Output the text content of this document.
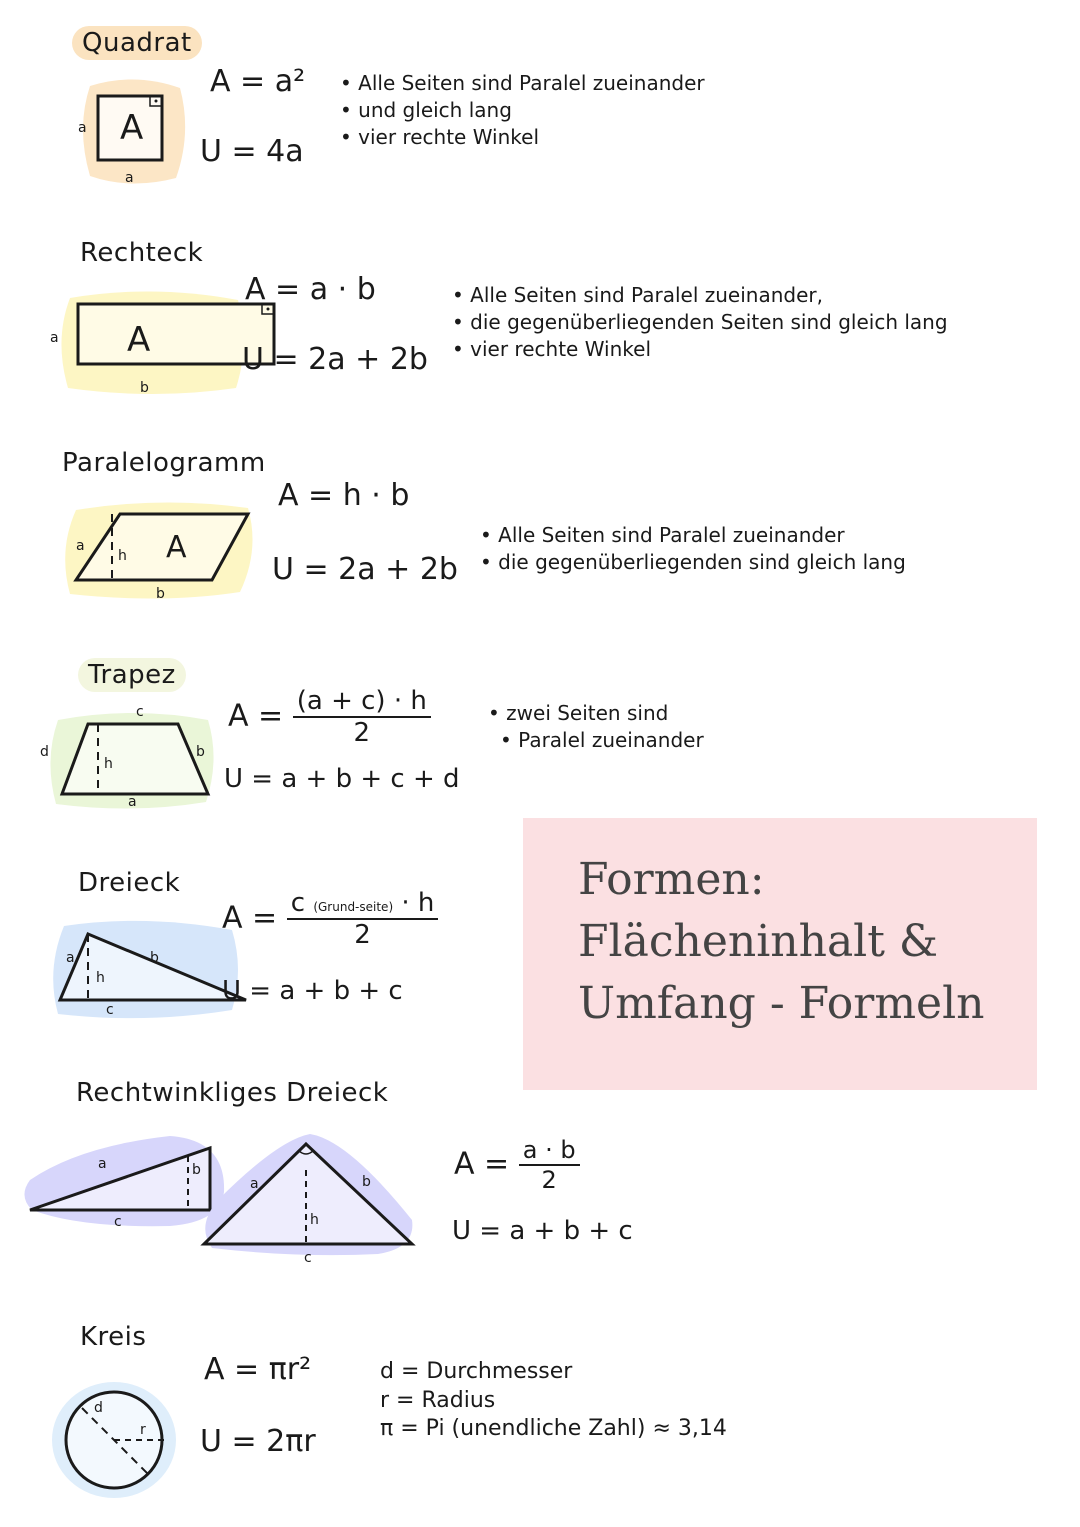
Quadrat
A
a
a
A = a²
U = 4a
• Alle Seiten sind Paralel zueinander
• und gleich lang
• vier rechte Winkel
Rechteck
A
a
b
A = a · b
U = 2a + 2b
• Alle Seiten sind Paralel zueinander,
• die gegenüberliegenden Seiten sind gleich lang
• vier rechte Winkel
Paralelogramm
A
a
h
b
A = h · b
U = 2a + 2b
• Alle Seiten sind Paralel zueinander
• die gegenüberliegenden sind gleich lang
Trapez
c
d
h
b
a
$A = \frac{(a + c) \cdot h}{2}$
U = a + b + c + d
• zwei Seiten sind
• Paralel zueinander
Dreieck
a
h
b
c
$A = \frac{\text{c (Grund-seite) · h}}{2}$
U = a + b + c
Formen:
Flächeninhalt &
Umfang - Formeln
Rechtwinkliges Dreieck
a	b
c
a	b
h
c
$A = \frac{a \cdot b}{2}$
U = a + b + c
Kreis
d
r
A = πr²
U = 2πr
d = Durchmesser
r = Radius
π = Pi (unendliche Zahl) ≈ 3,14
